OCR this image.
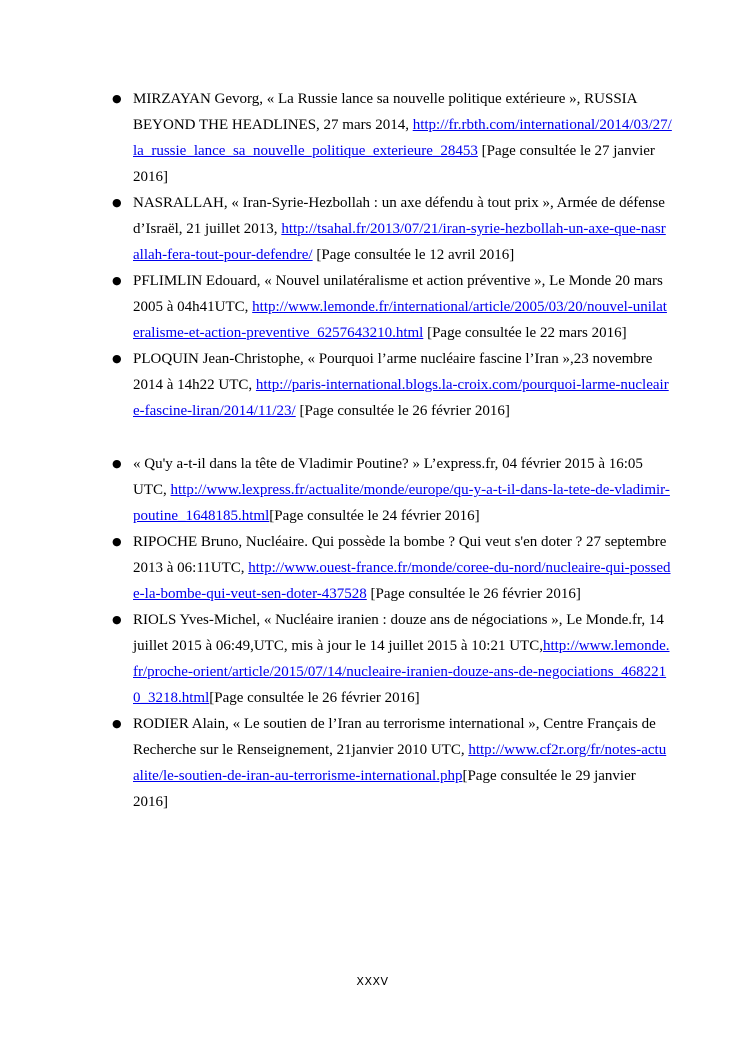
● MIRZAYAN Gevorg, « La Russie lance sa nouvelle politique extérieure », RUSSIA BEYOND THE HEADLINES, 27 mars 2014, http://fr.rbth.com/international/2014/03/27/la_russie_lance_sa_nouvelle_politique_exterieure_28453 [Page consultée le 27 janvier 2016]
● NASRALLAH, « Iran-Syrie-Hezbollah : un axe défendu à tout prix », Armée de défense d’Israël, 21 juillet 2013, http://tsahal.fr/2013/07/21/iran-syrie-hezbollah-un-axe-que-nasrallah-fera-tout-pour-defendre/ [Page consultée le 12 avril 2016]
● PFLIMLIN Edouard, « Nouvel unilatéralisme et action préventive », Le Monde 20 mars 2005 à 04h41UTC, http://www.lemonde.fr/international/article/2005/03/20/nouvel-unilateralisme-et-action-preventive_6257643210.html [Page consultée le 22 mars 2016]
● PLOQUIN Jean-Christophe, « Pourquoi l’arme nucléaire fascine l’Iran »,23 novembre 2014 à 14h22 UTC, http://paris-international.blogs.la-croix.com/pourquoi-larme-nucleaire-fascine-liran/2014/11/23/ [Page consultée le 26 février 2016]
● « Qu'y a-t-il dans la tête de Vladimir Poutine? » L’express.fr, 04 février 2015 à 16:05 UTC, http://www.lexpress.fr/actualite/monde/europe/qu-y-a-t-il-dans-la-tete-de-vladimir-poutine_1648185.html[Page consultée le 24 février 2016]
● RIPOCHE Bruno, Nucléaire. Qui possède la bombe ? Qui veut s'en doter ? 27 septembre 2013 à 06:11UTC, http://www.ouest-france.fr/monde/coree-du-nord/nucleaire-qui-possede-la-bombe-qui-veut-sen-doter-437528 [Page consultée le 26 février 2016]
● RIOLS Yves-Michel, « Nucléaire iranien : douze ans de négociations », Le Monde.fr, 14 juillet 2015 à 06:49,UTC, mis à jour le 14 juillet 2015 à 10:21 UTC,http://www.lemonde.fr/proche-orient/article/2015/07/14/nucleaire-iranien-douze-ans-de-negociations_4682210_3218.html[Page consultée le 26 février 2016]
● RODIER Alain, « Le soutien de l’Iran au terrorisme international », Centre Français de Recherche sur le Renseignement, 21janvier 2010 UTC, http://www.cf2r.org/fr/notes-actualite/le-soutien-de-iran-au-terrorisme-international.php[Page consultée le 29 janvier 2016]
XXXV
